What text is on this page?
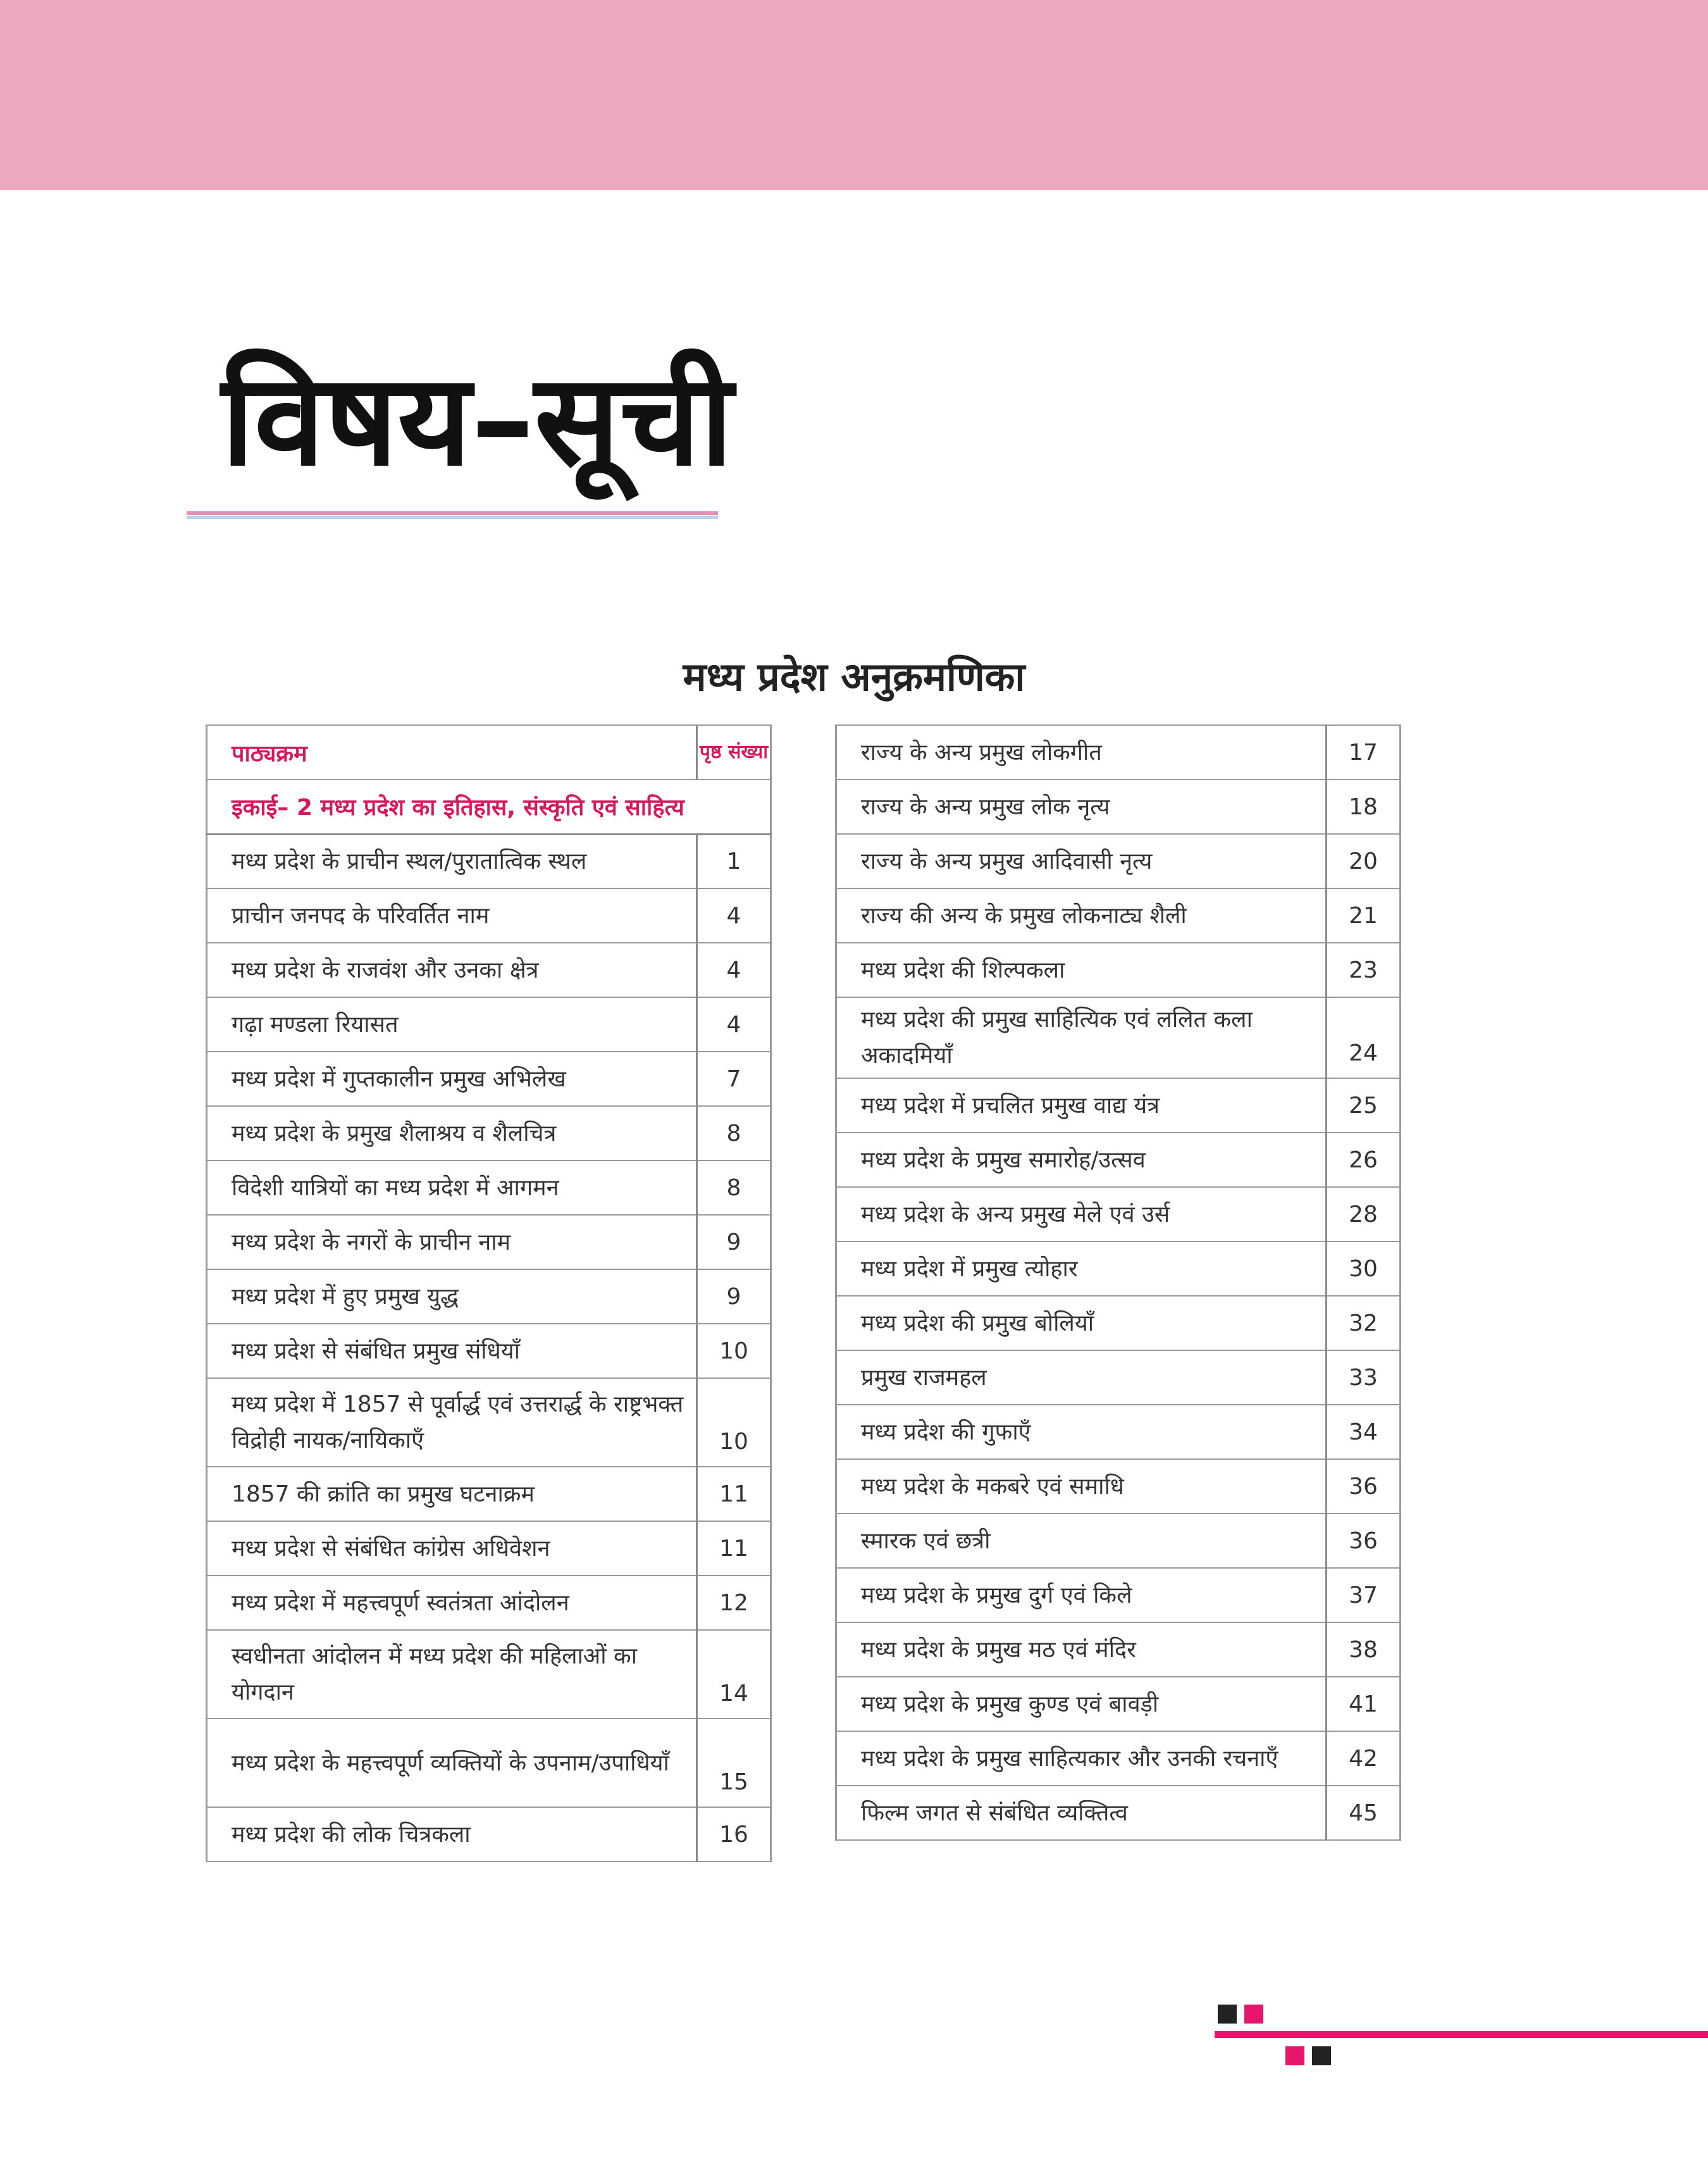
विषय–सूची
मध्य प्रदेश अनुक्रमणिका
पाठ्यक्रम	पृष्ठ संख्या
इकाई– 2 मध्य प्रदेश का इतिहास, संस्कृति एवं साहित्य	
मध्य प्रदेश के प्राचीन स्थल/पुरातात्विक स्थल	1
प्राचीन जनपद के परिवर्तित नाम	4
मध्य प्रदेश के राजवंश और उनका क्षेत्र	4
गढ़ा मण्डला रियासत	4
मध्य प्रदेश में गुप्तकालीन प्रमुख अभिलेख	7
मध्य प्रदेश के प्रमुख शैलाश्रय व शैलचित्र	8
विदेशी यात्रियों का मध्य प्रदेश में आगमन	8
मध्य प्रदेश के नगरों के प्राचीन नाम	9
मध्य प्रदेश में हुए प्रमुख युद्ध	9
मध्य प्रदेश से संबंधित प्रमुख संधियाँ	10
मध्य प्रदेश में 1857 से पूर्वार्द्ध एवं उत्तरार्द्ध के राष्ट्रभक्त विद्रोही नायक/नायिकाएँ	10
1857 की क्रांति का प्रमुख घटनाक्रम	11
मध्य प्रदेश से संबंधित कांग्रेस अधिवेशन	11
मध्य प्रदेश में महत्त्वपूर्ण स्वतंत्रता आंदोलन	12
स्वधीनता आंदोलन में मध्य प्रदेश की महिलाओं का योगदान	14
मध्य प्रदेश के महत्त्वपूर्ण व्यक्तियों के उपनाम/उपाधियाँ	15
मध्य प्रदेश की लोक चित्रकला	16
राज्य के अन्य प्रमुख लोकगीत	17
राज्य के अन्य प्रमुख लोक नृत्य	18
राज्य के अन्य प्रमुख आदिवासी नृत्य	20
राज्य की अन्य के प्रमुख लोकनाट्य शैली	21
मध्य प्रदेश की शिल्पकला	23
मध्य प्रदेश की प्रमुख साहित्यिक एवं ललित कला अकादमियाँ	24
मध्य प्रदेश में प्रचलित प्रमुख वाद्य यंत्र	25
मध्य प्रदेश के प्रमुख समारोह/उत्सव	26
मध्य प्रदेश के अन्य प्रमुख मेले एवं उर्स	28
मध्य प्रदेश में प्रमुख त्योहार	30
मध्य प्रदेश की प्रमुख बोलियाँ	32
प्रमुख राजमहल	33
मध्य प्रदेश की गुफाएँ	34
मध्य प्रदेश के मकबरे एवं समाधि	36
स्मारक एवं छत्री	36
मध्य प्रदेश के प्रमुख दुर्ग एवं किले	37
मध्य प्रदेश के प्रमुख मठ एवं मंदिर	38
मध्य प्रदेश के प्रमुख कुण्ड एवं बावड़ी	41
मध्य प्रदेश के प्रमुख साहित्यकार और उनकी रचनाएँ	42
फिल्म जगत से संबंधित व्यक्तित्व	45
